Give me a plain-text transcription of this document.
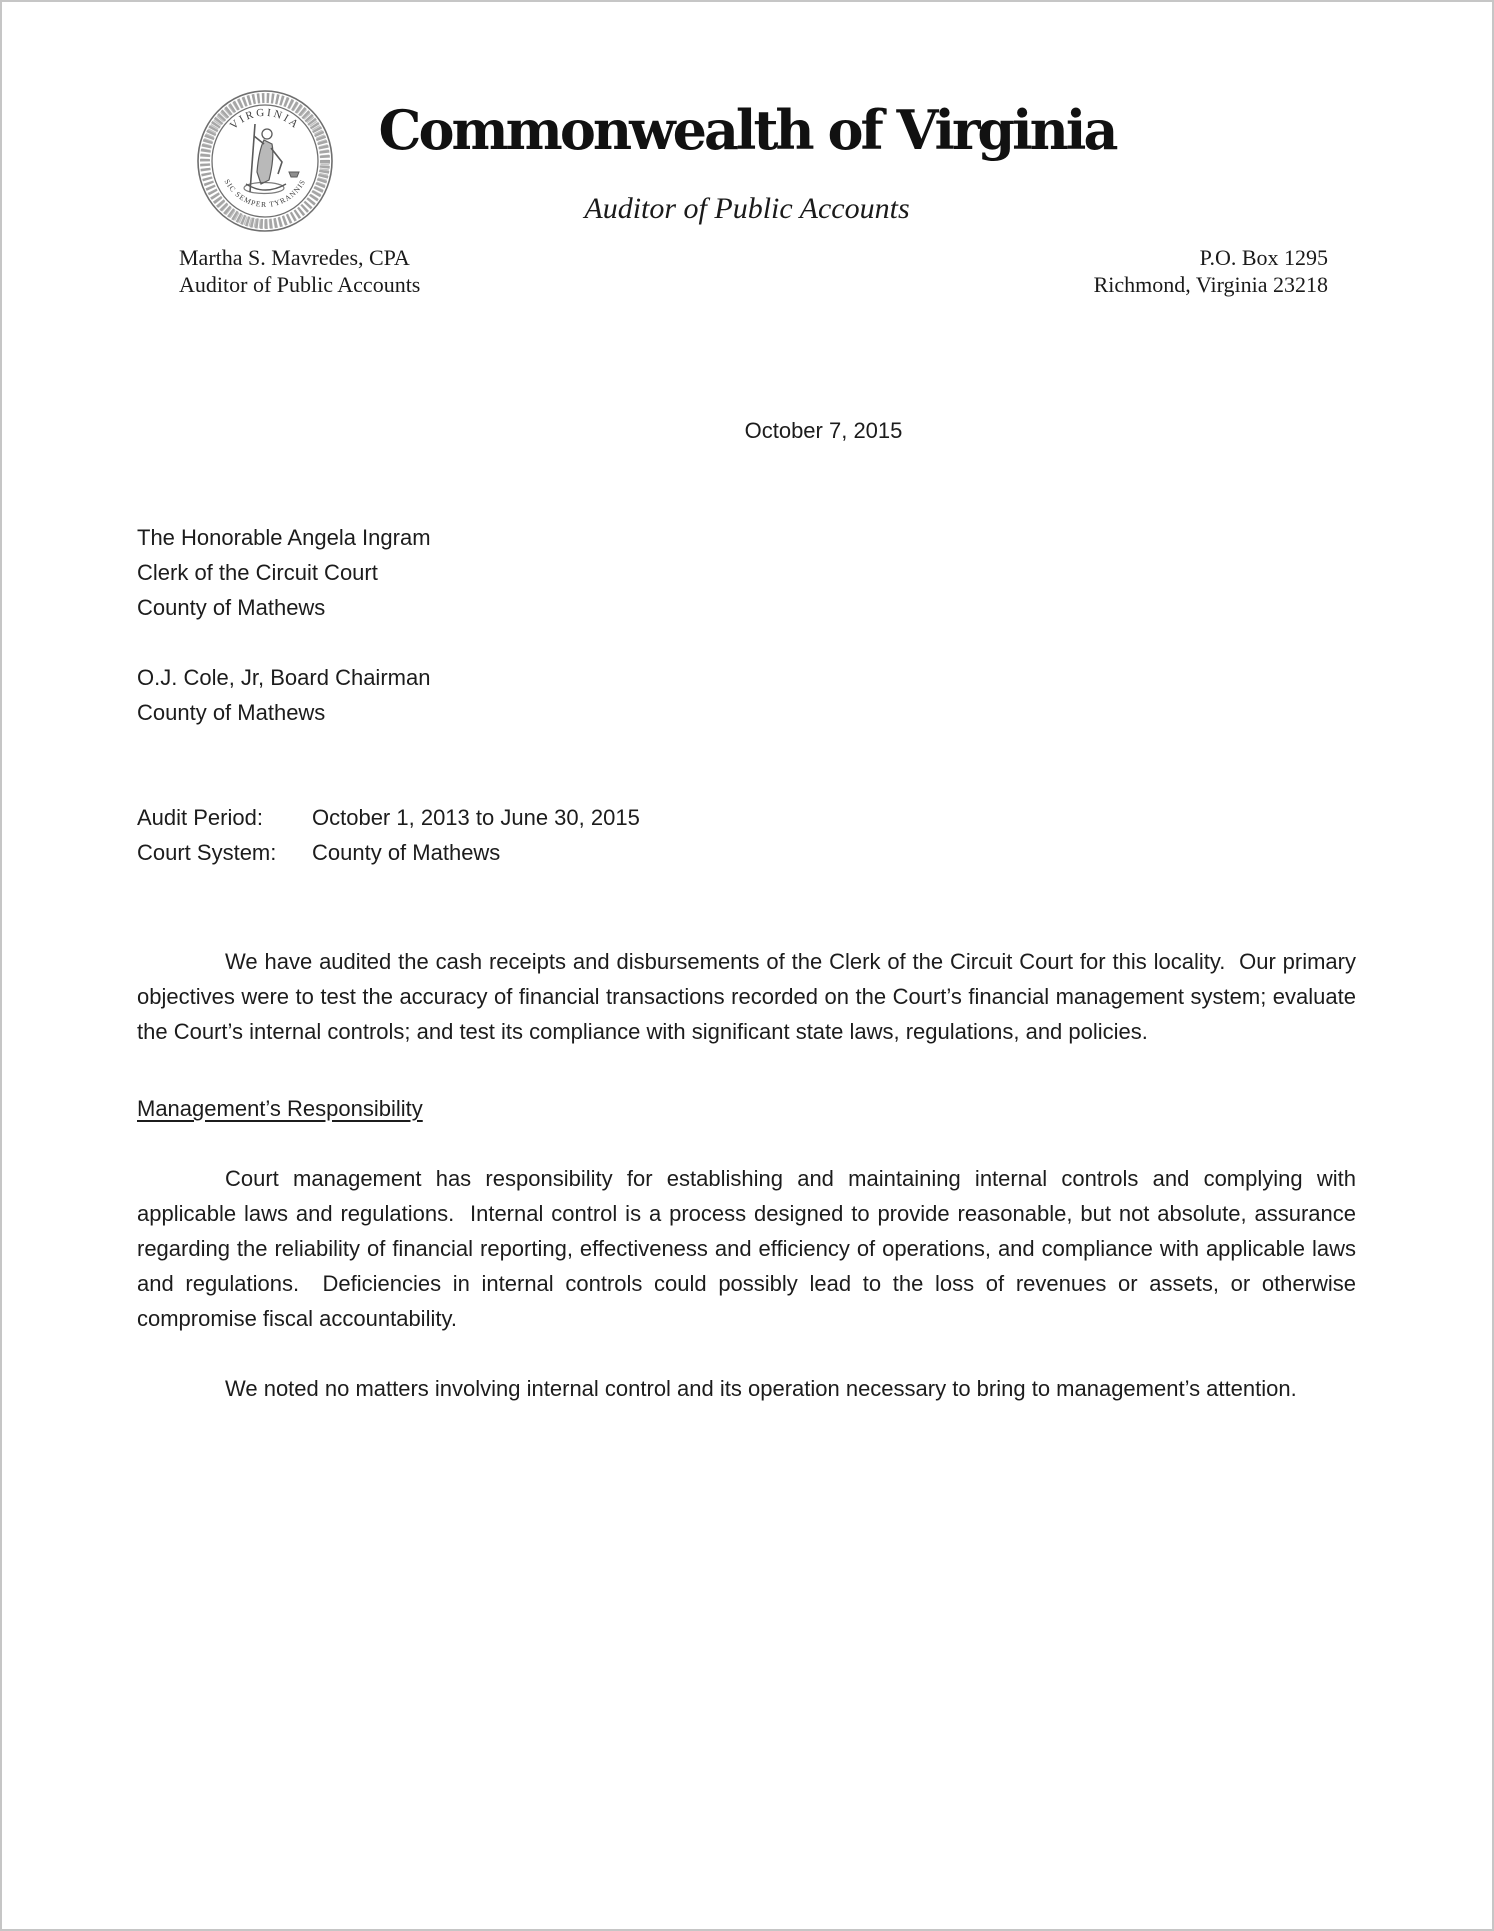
VIRGINIA
SIC SEMPER TYRANNIS
Commonwealth of Virginia
Auditor of Public Accounts
Martha S. Mavredes, CPA
Auditor of Public Accounts
P.O. Box 1295
Richmond, Virginia 23218
October 7, 2015
The Honorable Angela Ingram
Clerk of the Circuit Court
County of Mathews
O.J. Cole, Jr, Board Chairman
County of Mathews
Audit Period: October 1, 2013 to June 30, 2015
Court System: County of Mathews

We have audited the cash receipts and disbursements of the Clerk of the Circuit Court for this locality.  Our primary objectives were to test the accuracy of financial transactions recorded on the Court’s financial management system; evaluate the Court’s internal controls; and test its compliance with significant state laws, regulations, and policies.

Management’s Responsibility

Court management has responsibility for establishing and maintaining internal controls and complying with applicable laws and regulations.  Internal control is a process designed to provide reasonable, but not absolute, assurance regarding the reliability of financial reporting, effectiveness and efficiency of operations, and compliance with applicable laws and regulations.  Deficiencies in internal controls could possibly lead to the loss of revenues or assets, or otherwise compromise fiscal accountability.

We noted no matters involving internal control and its operation necessary to bring to management’s attention.
